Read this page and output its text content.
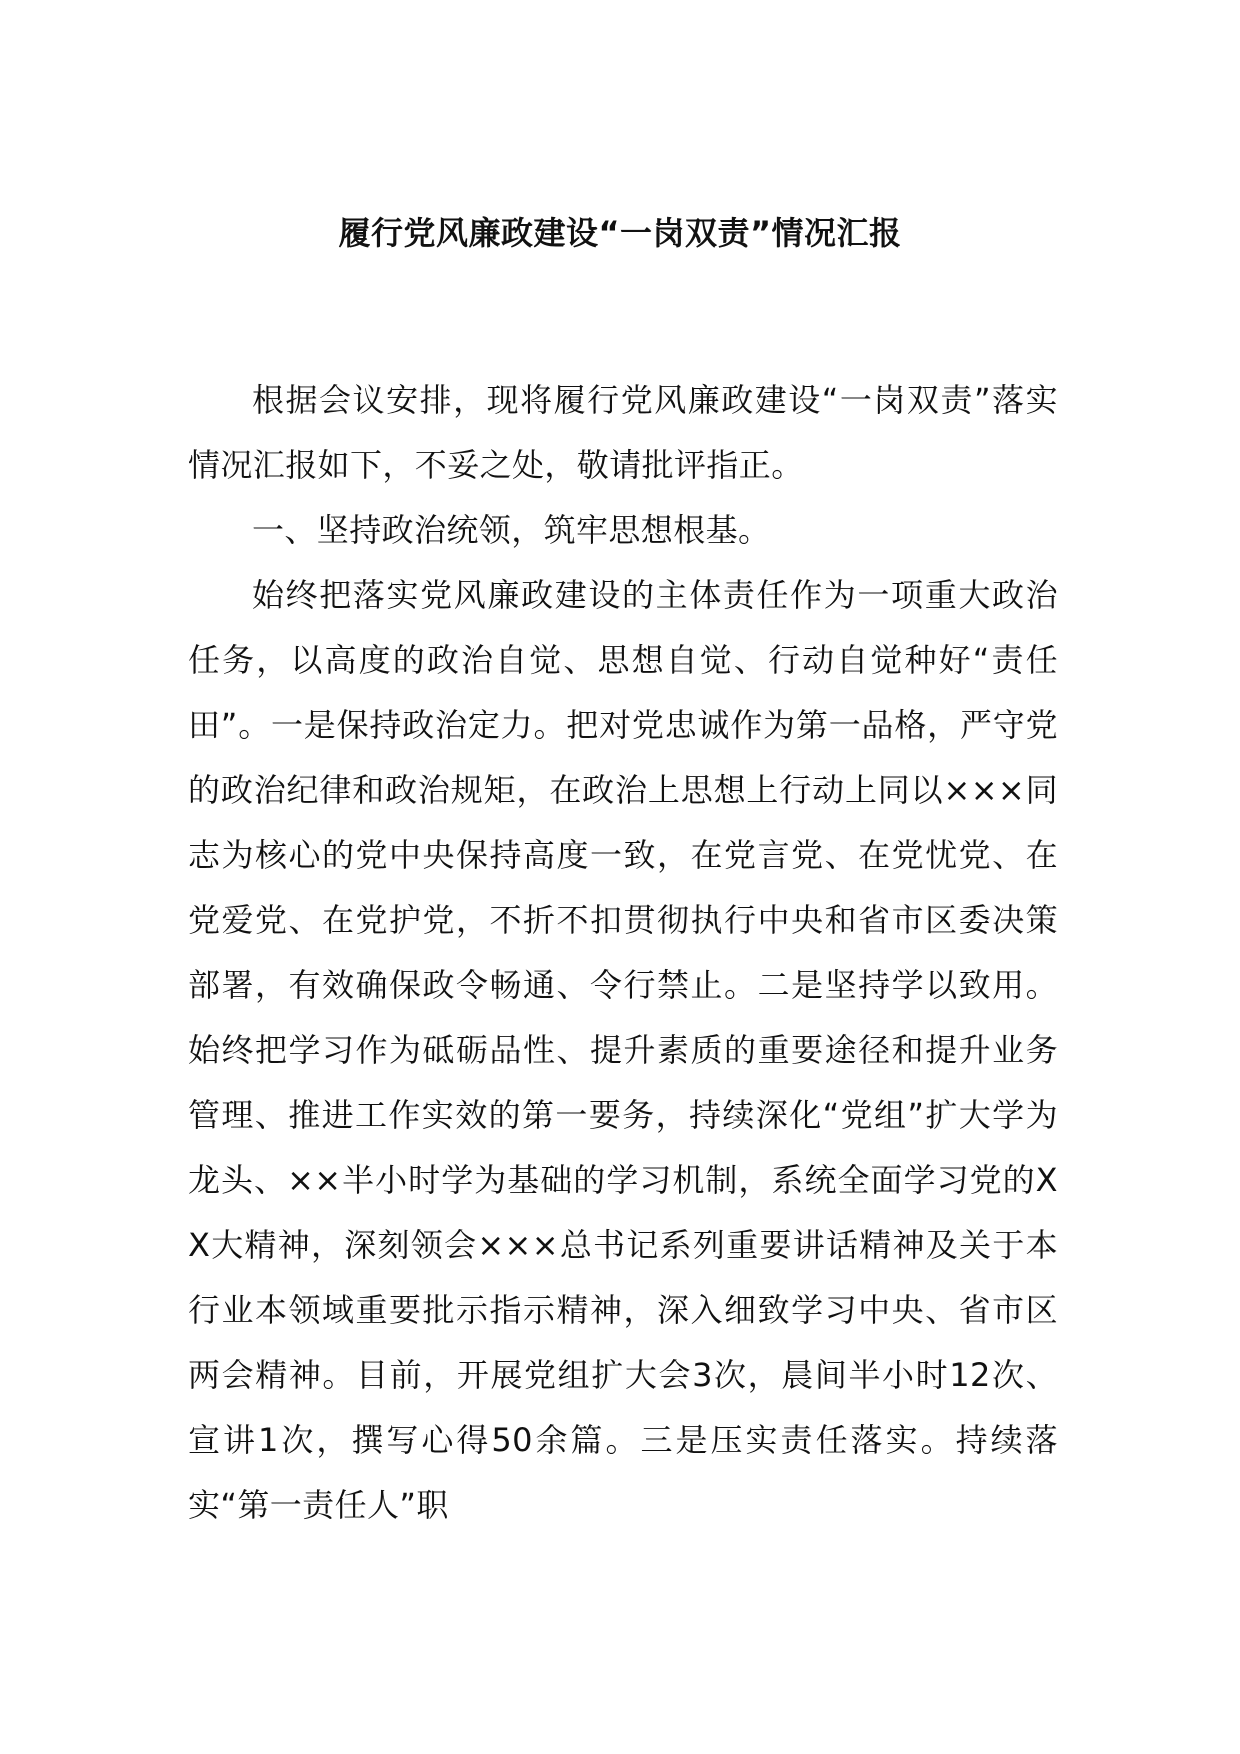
履行党风廉政建设“一岗双责”情况汇报

根据会议安排，现将履行党风廉政建设“一岗双责”落实情况汇报如下，不妥之处，敬请批评指正。

一、坚持政治统领，筑牢思想根基。

始终把落实党风廉政建设的主体责任作为一项重大政治任务，以高度的政治自觉、思想自觉、行动自觉种好“责任田”。一是保持政治定力。把对党忠诚作为第一品格，严守党的政治纪律和政治规矩，在政治上思想上行动上同以×××同志为核心的党中央保持高度一致，在党言党、在党忧党、在党爱党、在党护党，不折不扣贯彻执行中央和省市区委决策部署，有效确保政令畅通、令行禁止。二是坚持学以致用。始终把学习作为砥砺品性、提升素质的重要途径和提升业务管理、推进工作实效的第一要务，持续深化“党组”扩大学为龙头、××半小时学为基础的学习机制，系统全面学习党的XX大精神，深刻领会×××总书记系列重要讲话精神及关于本行业本领域重要批示指示精神，深入细致学习中央、省市区两会精神。目前，开展党组扩大会3次，晨间半小时12次、宣讲1次，撰写心得50余篇。三是压实责任落实。持续落实“第一责任人”职
